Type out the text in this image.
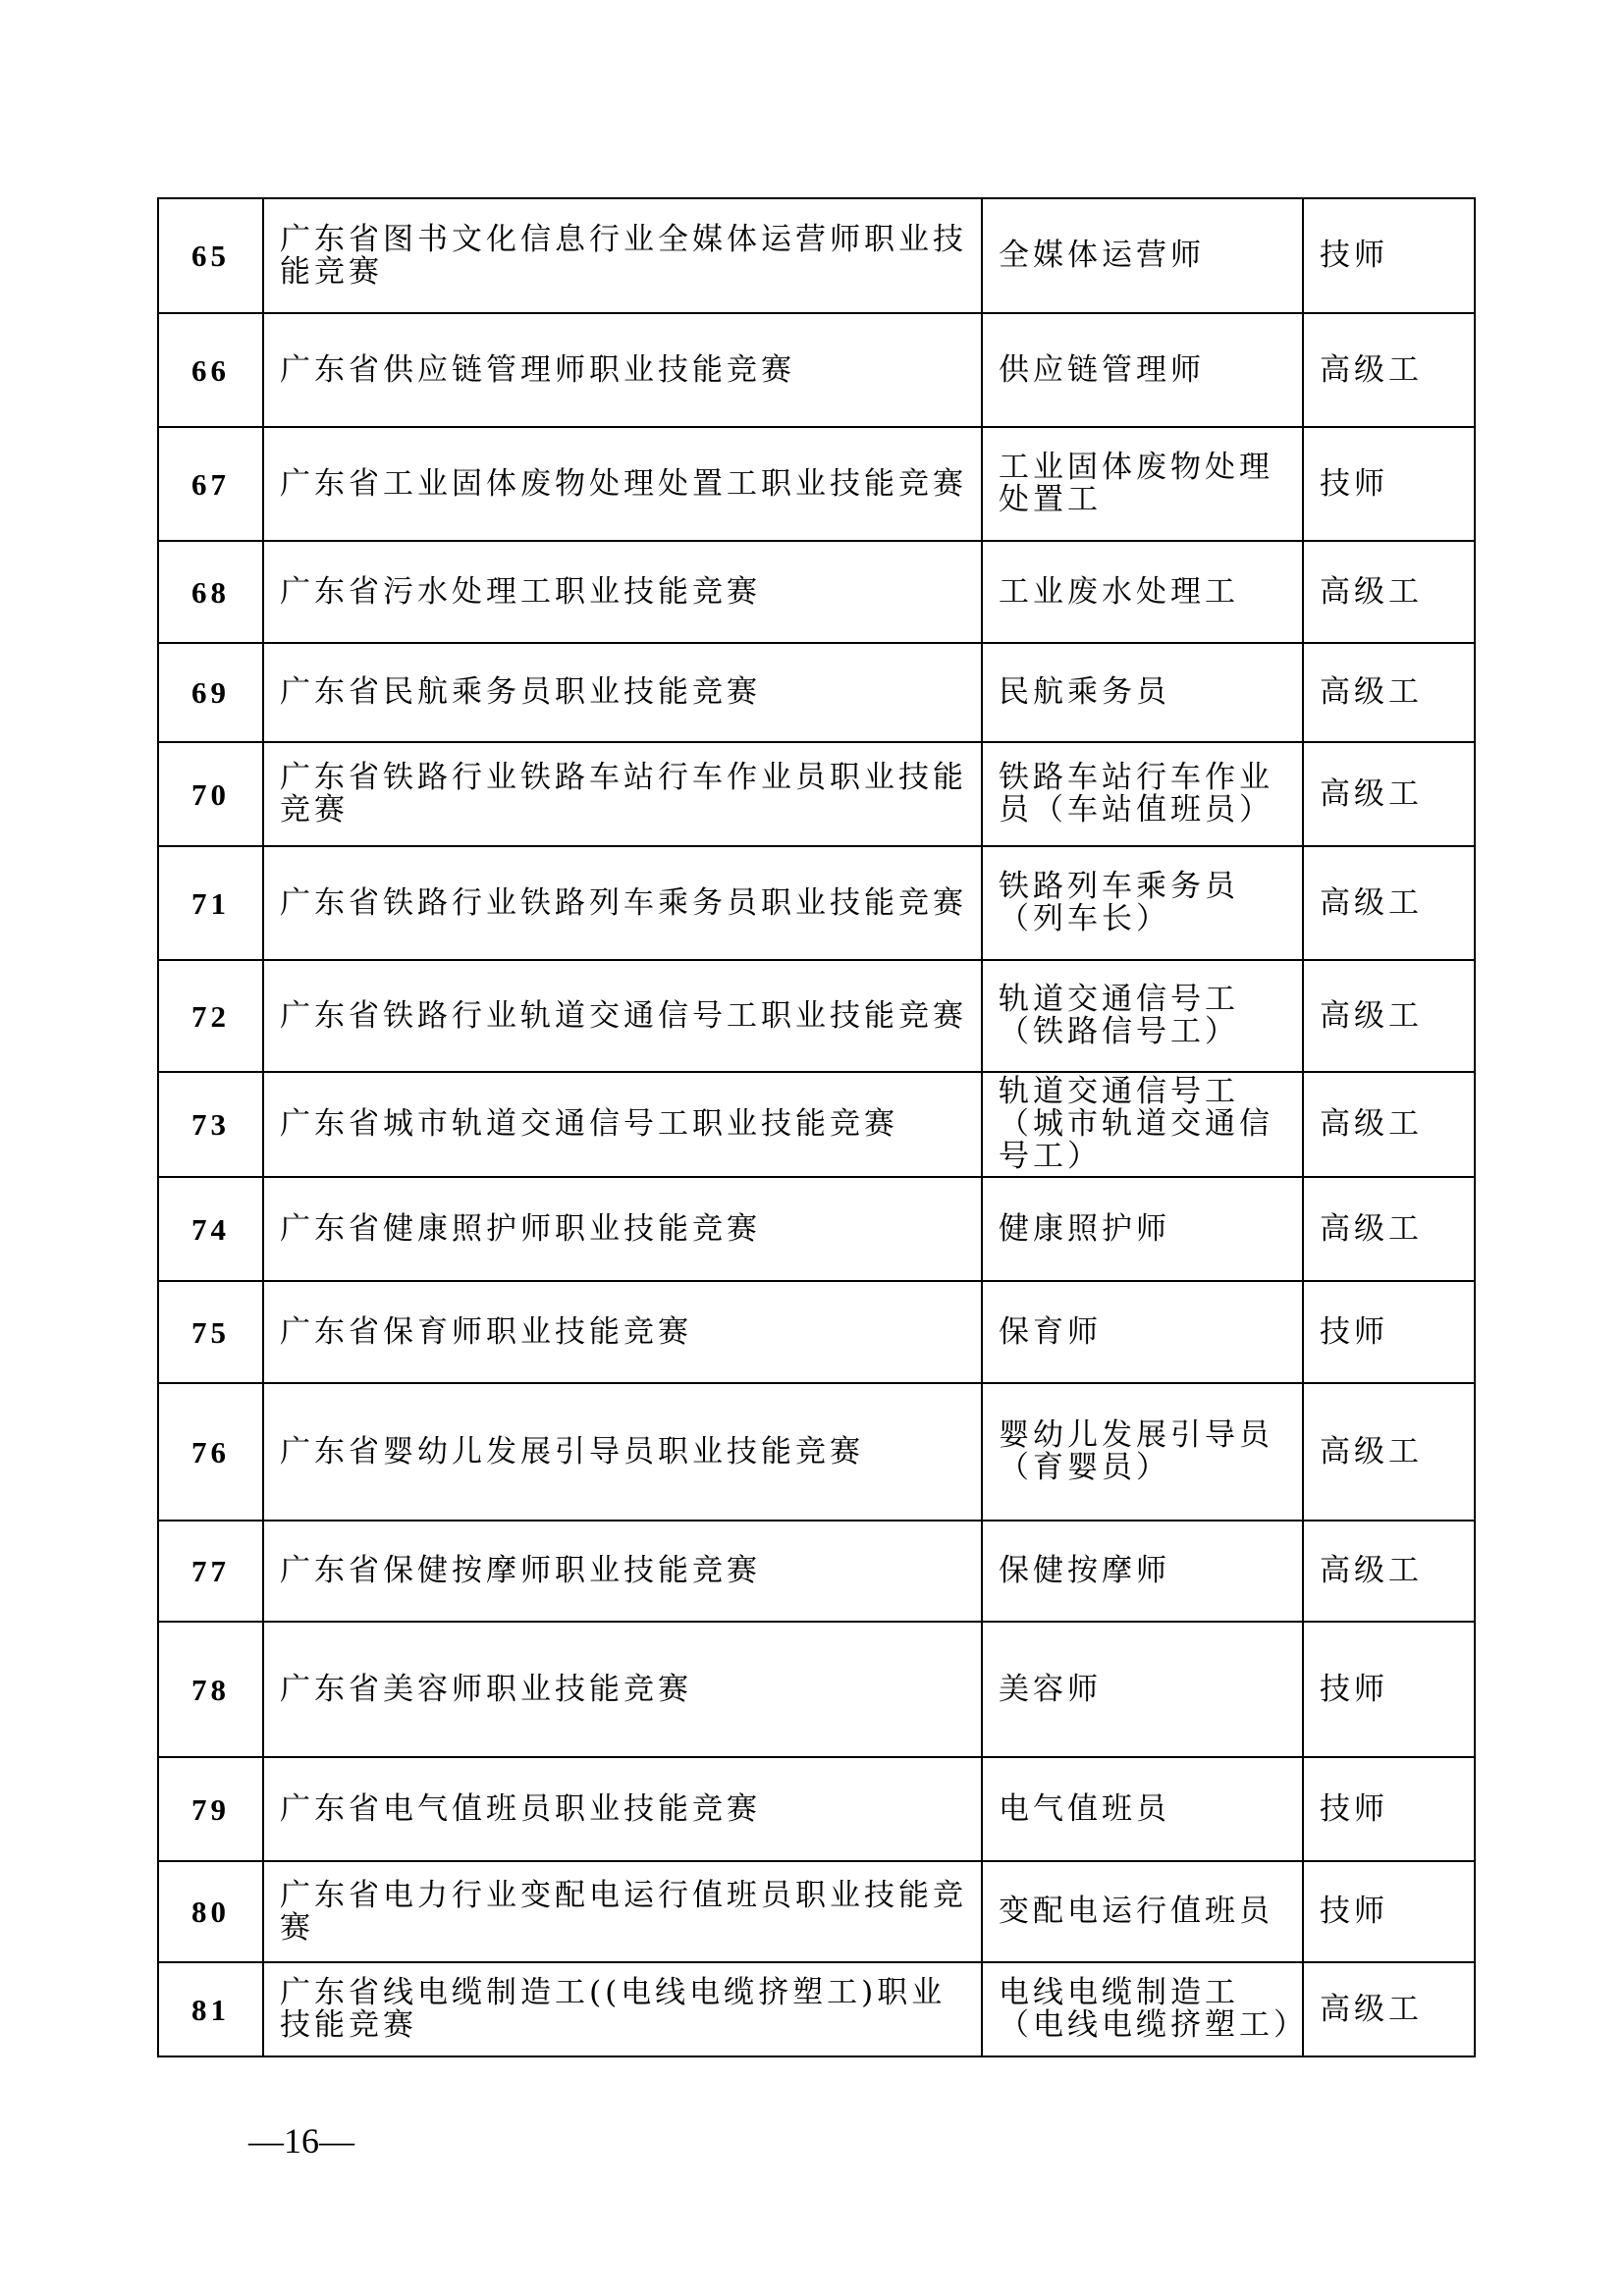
65	广东省图书文化信息行业全媒体运营师职业技能竞赛	全媒体运营师	技师
66	广东省供应链管理师职业技能竞赛	供应链管理师	高级工
67	广东省工业固体废物处理处置工职业技能竞赛	工业固体废物处理处置工	技师
68	广东省污水处理工职业技能竞赛	工业废水处理工	高级工
69	广东省民航乘务员职业技能竞赛	民航乘务员	高级工
70	广东省铁路行业铁路车站行车作业员职业技能竞赛	铁路车站行车作业员（车站值班员）	高级工
71	广东省铁路行业铁路列车乘务员职业技能竞赛	铁路列车乘务员（列车长）	高级工
72	广东省铁路行业轨道交通信号工职业技能竞赛	轨道交通信号工（铁路信号工）	高级工
73	广东省城市轨道交通信号工职业技能竞赛	轨道交通信号工（城市轨道交通信号工）	高级工
74	广东省健康照护师职业技能竞赛	健康照护师	高级工
75	广东省保育师职业技能竞赛	保育师	技师
76	广东省婴幼儿发展引导员职业技能竞赛	婴幼儿发展引导员（育婴员）	高级工
77	广东省保健按摩师职业技能竞赛	保健按摩师	高级工
78	广东省美容师职业技能竞赛	美容师	技师
79	广东省电气值班员职业技能竞赛	电气值班员	技师
80	广东省电力行业变配电运行值班员职业技能竞赛	变配电运行值班员	技师
81	广东省线电缆制造工((电线电缆挤塑工)职业技能竞赛	电线电缆制造工（电线电缆挤塑工）	高级工
—16—
